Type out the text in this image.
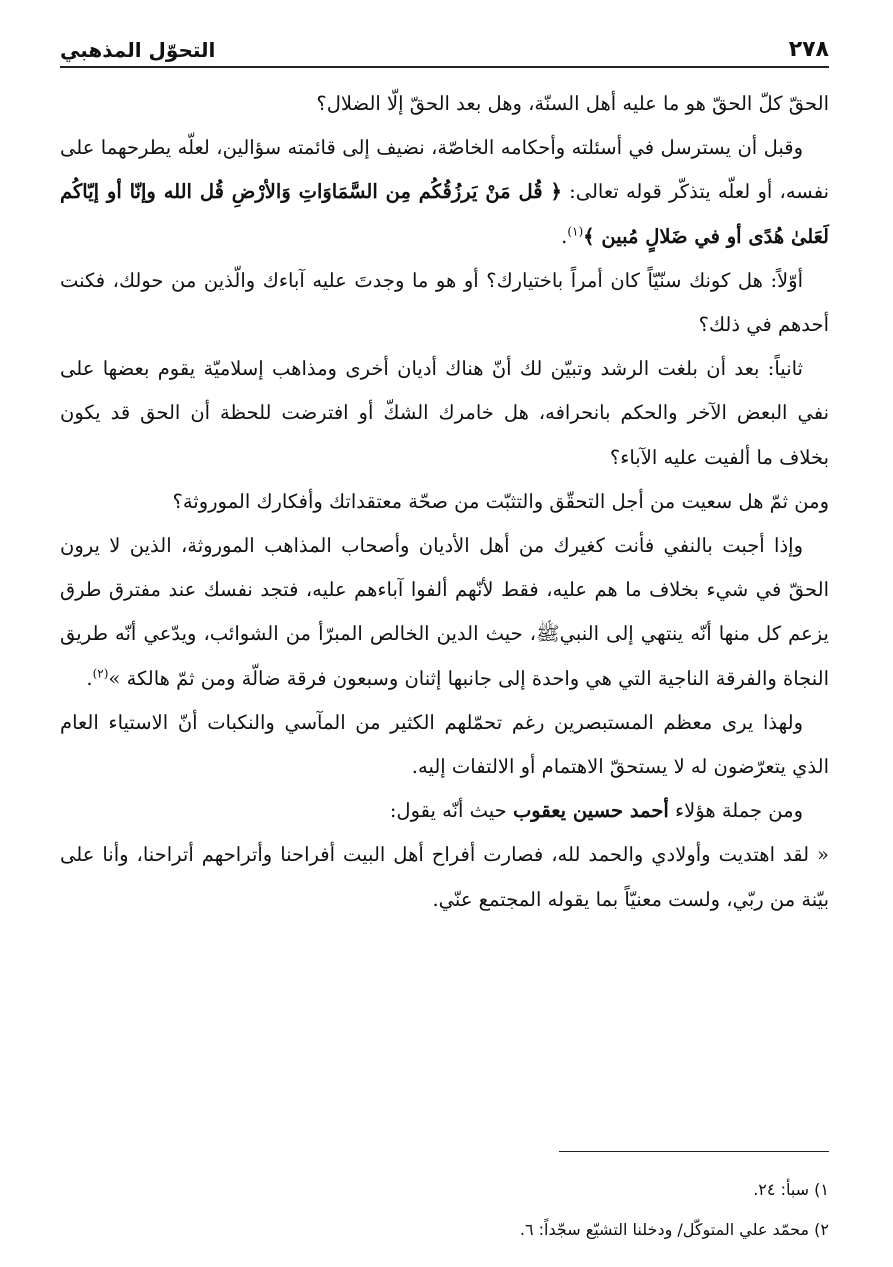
٢٧٨
التحوّل المذهبي

الحقّ كلّ الحقّ هو ما عليه أهل السنّة، وهل بعد الحقّ إلّا الضلال؟

وقبل أن يسترسل في أسئلته وأحكامه الخاصّة، نضيف إلى قائمته سؤالين، لعلّه يطرحهما على نفسه، أو لعلّه يتذكّر قوله تعالى: ﴿ قُل مَنْ يَرزُقُكُم مِن السَّمَاوَاتِ وَالأرْضِ قُل الله وإنّا أو إيّاكُم لَعَلىٰ هُدًى أو في ضَلالٍ مُبين ﴾$^{(١)}$.

أوّلاً: هل كونك سنّيّاً كان أمراً باختيارك؟ أو هو ما وجدتَ عليه آباءك والّذين من حولك، فكنت أحدهم في ذلك؟

ثانياً: بعد أن بلغت الرشد وتبيّن لك أنّ هناك أديان أخرى ومذاهب إسلاميّة يقوم بعضها على نفي البعض الآخر والحكم بانحرافه، هل خامرك الشكّ أو افترضت للحظة أن الحق قد يكون بخلاف ما ألفيت عليه الآباء؟

ومن ثمّ هل سعيت من أجل التحقّق والتثبّت من صحّة معتقداتك وأفكارك الموروثة؟

وإذا أجبت بالنفي فأنت كغيرك من أهل الأديان وأصحاب المذاهب الموروثة، الذين لا يرون الحقّ في شيء بخلاف ما هم عليه، فقط لأنّهم ألفوا آباءهم عليه، فتجد نفسك عند مفترق طرق يزعم كل منها أنّه ينتهي إلى النبيﷺ، حيث الدين الخالص المبرّأ من الشوائب، ويدّعي أنّه طريق النجاة والفرقة الناجية التي هي واحدة إلى جانبها إثنان وسبعون فرقة ضالّة ومن ثمّ هالكة »$^{(٢)}$.

ولهذا يرى معظم المستبصرين رغم تحمّلهم الكثير من المآسي والنكبات أنّ الاستياء العام الذي يتعرّضون له لا يستحقّ الاهتمام أو الالتفات إليه.

ومن جملة هؤلاء أحمد حسين يعقوب حيث أنّه يقول:

« لقد اهتديت وأولادي والحمد لله، فصارت أفراح أهل البيت أفراحنا وأتراحهم أتراحنا، وأنا على بيّنة من ربّي، ولست معنيّاً بما يقوله المجتمع عنّي.

١) سبأ: ٢٤.
٢) محمّد علي المتوكّل/ ودخلنا التشيّع سجّداً: ٦.
